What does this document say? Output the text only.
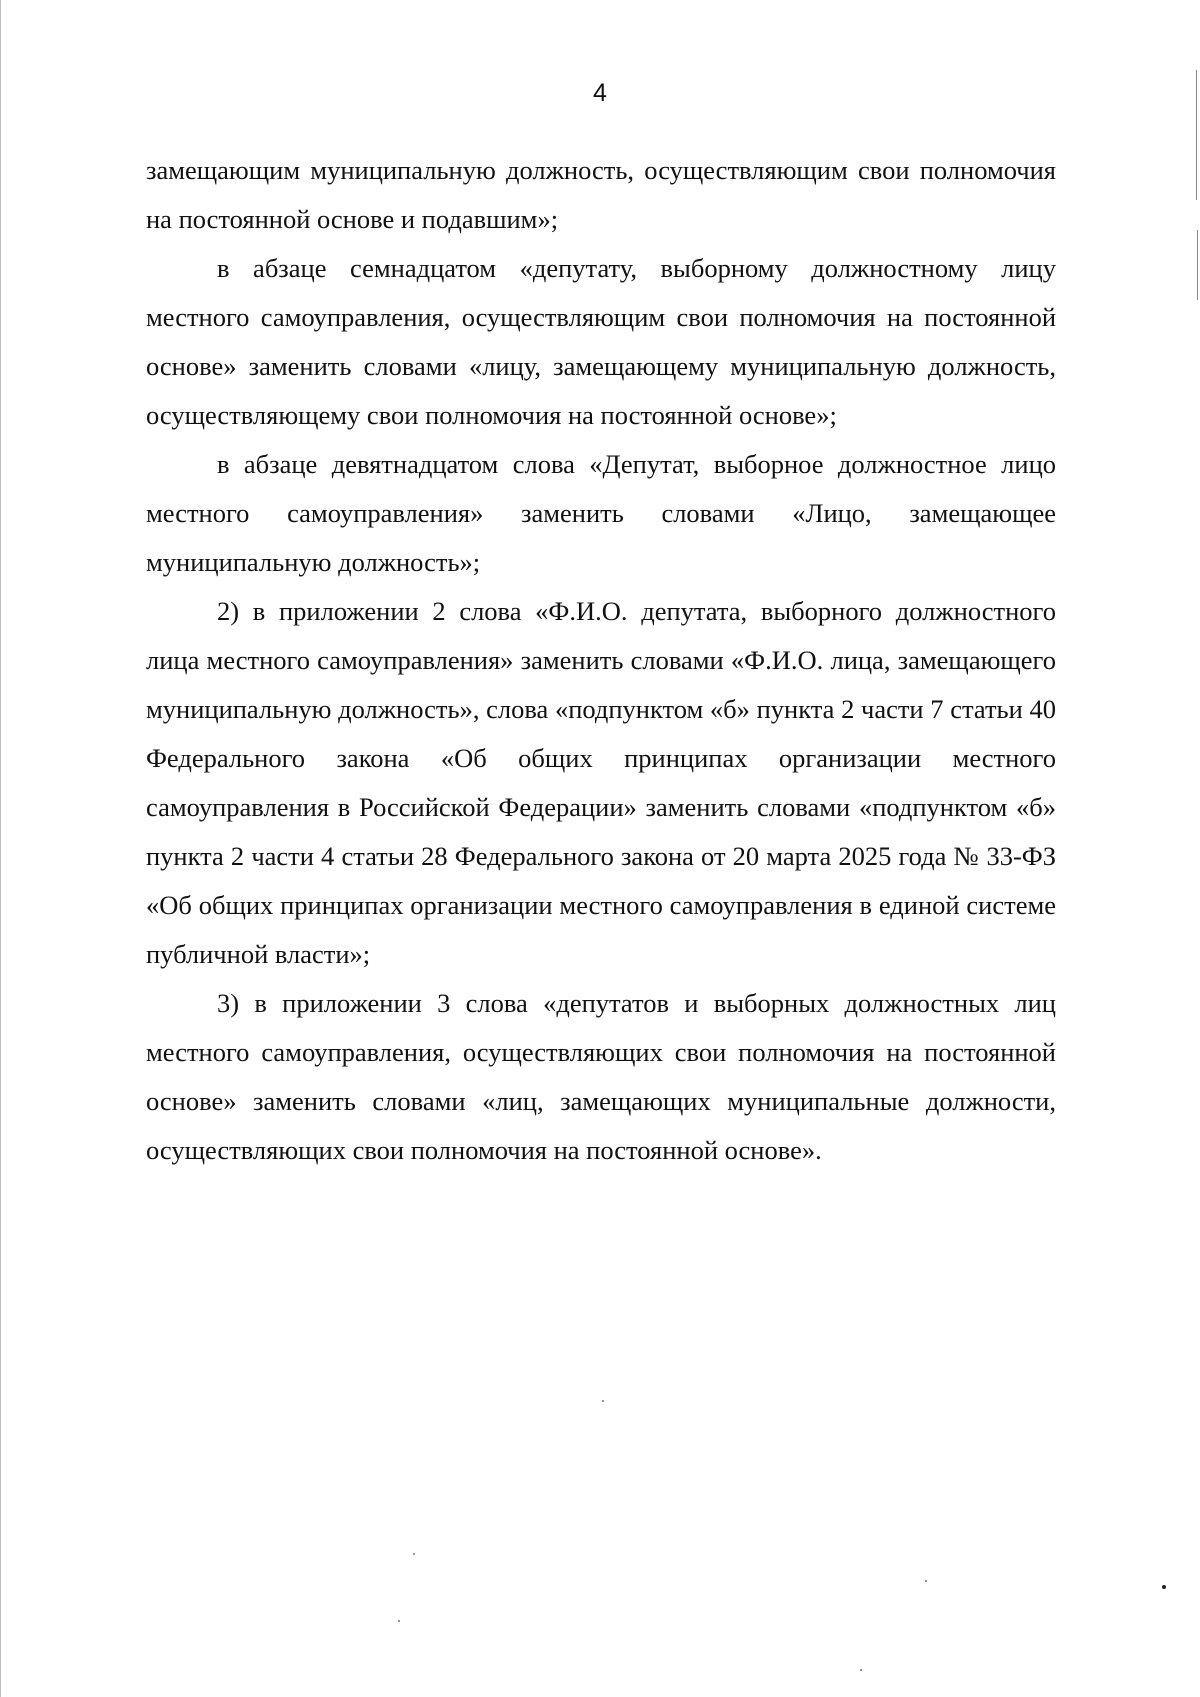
4

замещающим муниципальную должность, осуществляющим свои полномочия на постоянной основе и подавшим»;

в абзаце семнадцатом «депутату, выборному должностному лицу местного самоуправления, осуществляющим свои полномочия на постоянной основе» заменить словами «лицу, замещающему муниципальную должность, осуществляющему свои полномочия на постоянной основе»;

в абзаце девятнадцатом слова «Депутат, выборное должностное лицо местного самоуправления» заменить словами «Лицо, замещающее муниципальную должность»;

2) в приложении 2 слова «Ф.И.О. депутата, выборного должностного лица местного самоуправления» заменить словами «Ф.И.О. лица, замещающего муниципальную должность», слова «подпунктом «б» пункта 2 части 7 статьи 40 Федерального закона «Об общих принципах организации местного самоуправления в Российской Федерации» заменить словами «подпунктом «б» пункта 2 части 4 статьи 28 Федерального закона от 20 марта 2025 года № 33-ФЗ «Об общих принципах организации местного самоуправления в единой системе публичной власти»;

3) в приложении 3 слова «депутатов и выборных должностных лиц местного самоуправления, осуществляющих свои полномочия на постоянной основе» заменить словами «лиц, замещающих муниципальные должности, осуществляющих свои полномочия на постоянной основе».
